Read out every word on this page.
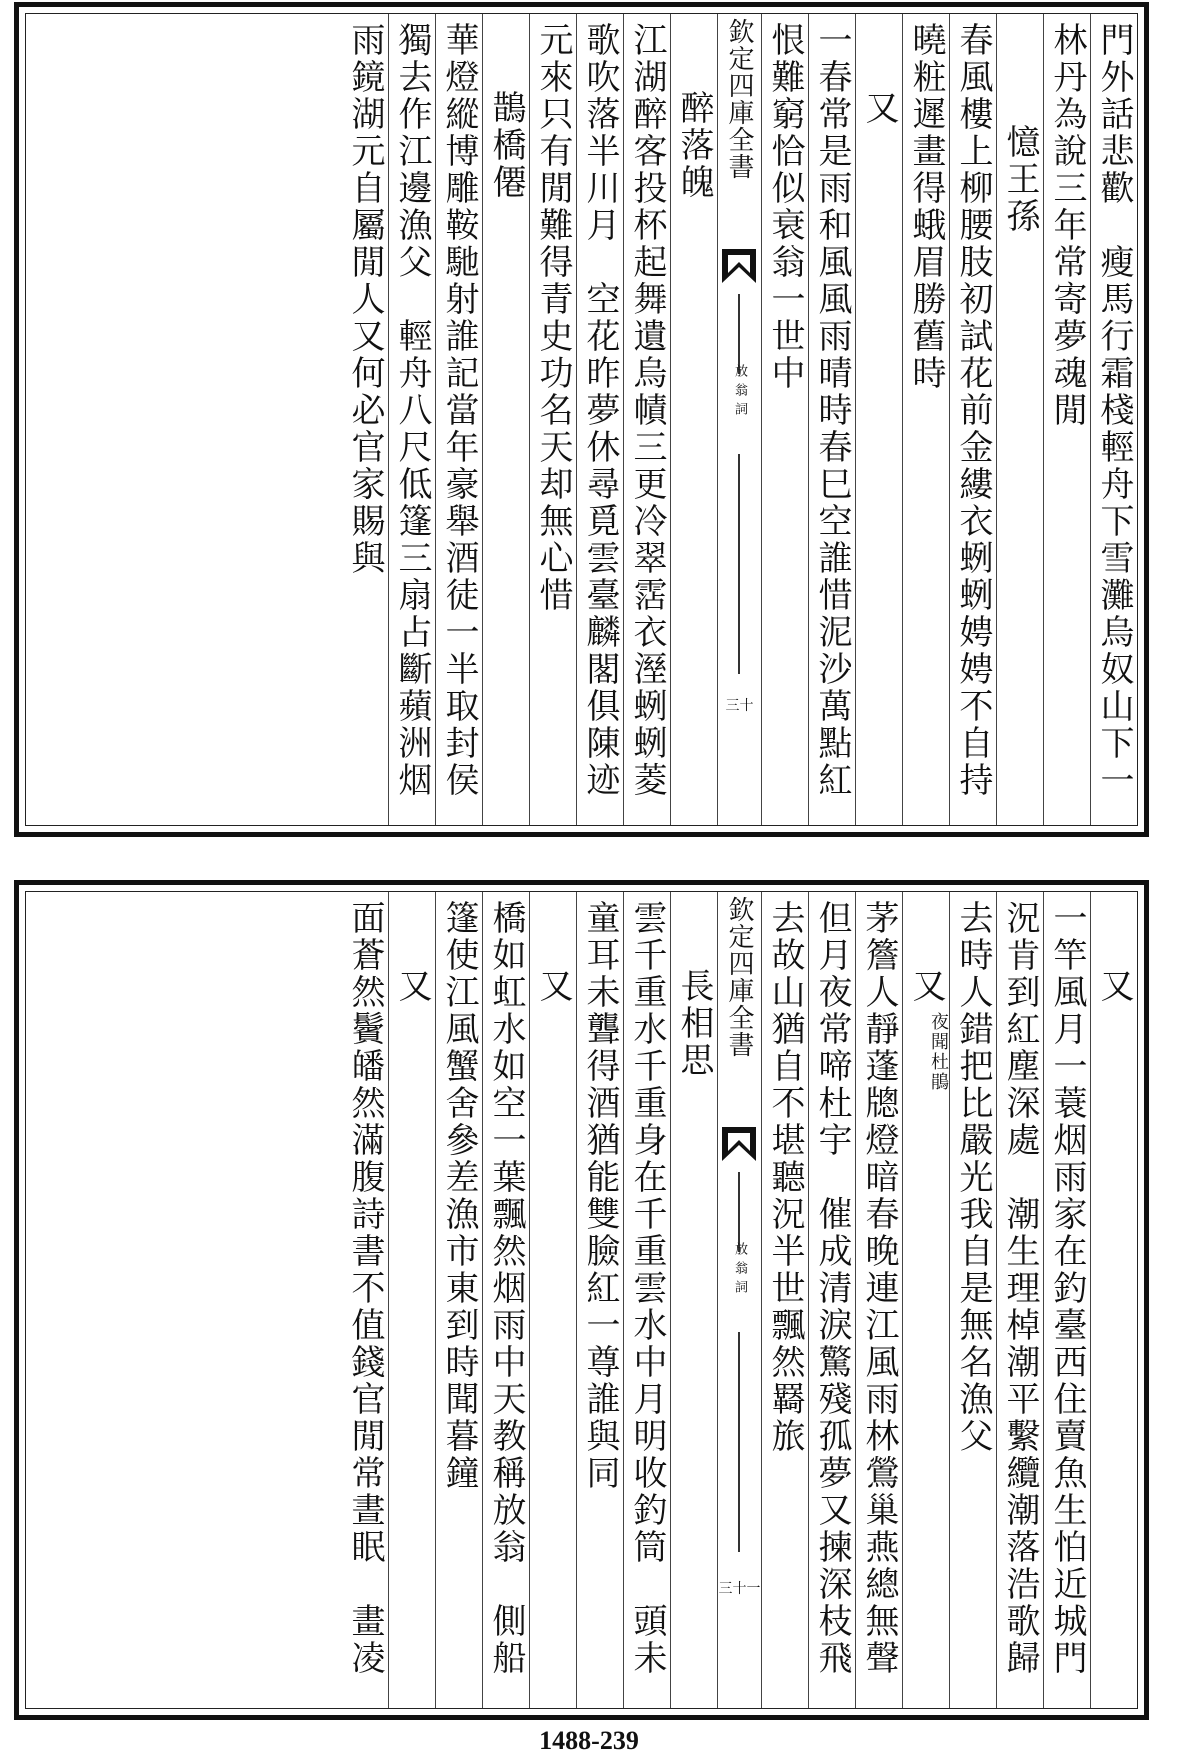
門外話悲歡　瘦馬行霜棧輕舟下雪灘烏奴山下一
林丹為說三年常寄夢魂閒
憶王孫
春風樓上柳腰肢初試花前金縷衣蛚蛚娉娉不自持
曉粧遲畫得蛾眉勝舊時
又
一春常是雨和風風雨晴時春巳空誰惜泥沙萬點紅
恨難窮恰似衰翁一世中
欽定四庫全書
放翁詞
三十
醉落魄
江湖醉客投杯起舞遺烏幘三更冷翠霑衣溼蛚蛚菱
歌吹落半川月　空花昨夢休尋覓雲臺麟閣俱陳迹
元來只有閒難得青史功名天却無心惜
鵲橋僊
華燈縱博雕鞍馳射誰記當年豪舉酒徒一半取封侯
獨去作江邊漁父　輕舟八尺低篷三扇占斷蘋洲烟
雨鏡湖元自屬閒人又何必官家賜與
又
一竿風月一蓑烟雨家在釣臺西住賣魚生怕近城門
況肯到紅塵深處　潮生理棹潮平繫纜潮落浩歌歸
去時人錯把比嚴光我自是無名漁父
又
夜聞杜鵑
茅簷人靜蓬牕燈暗春晚連江風雨林鶯巢燕總無聲
但月夜常啼杜宇　催成清淚驚殘孤夢又揀深枝飛
去故山猶自不堪聽況半世飄然羇旅
欽定四庫全書
放翁詞
三十一
長相思
雲千重水千重身在千重雲水中月明收釣筒　頭未
童耳未聾得酒猶能雙臉紅一尊誰與同
又
橋如虹水如空一葉飄然烟雨中天教稱放翁　側船
篷使江風蟹舍參差漁市東到時聞暮鐘
又
面蒼然鬢皤然滿腹詩書不值錢官閒常晝眠　畫凌
1488-239
